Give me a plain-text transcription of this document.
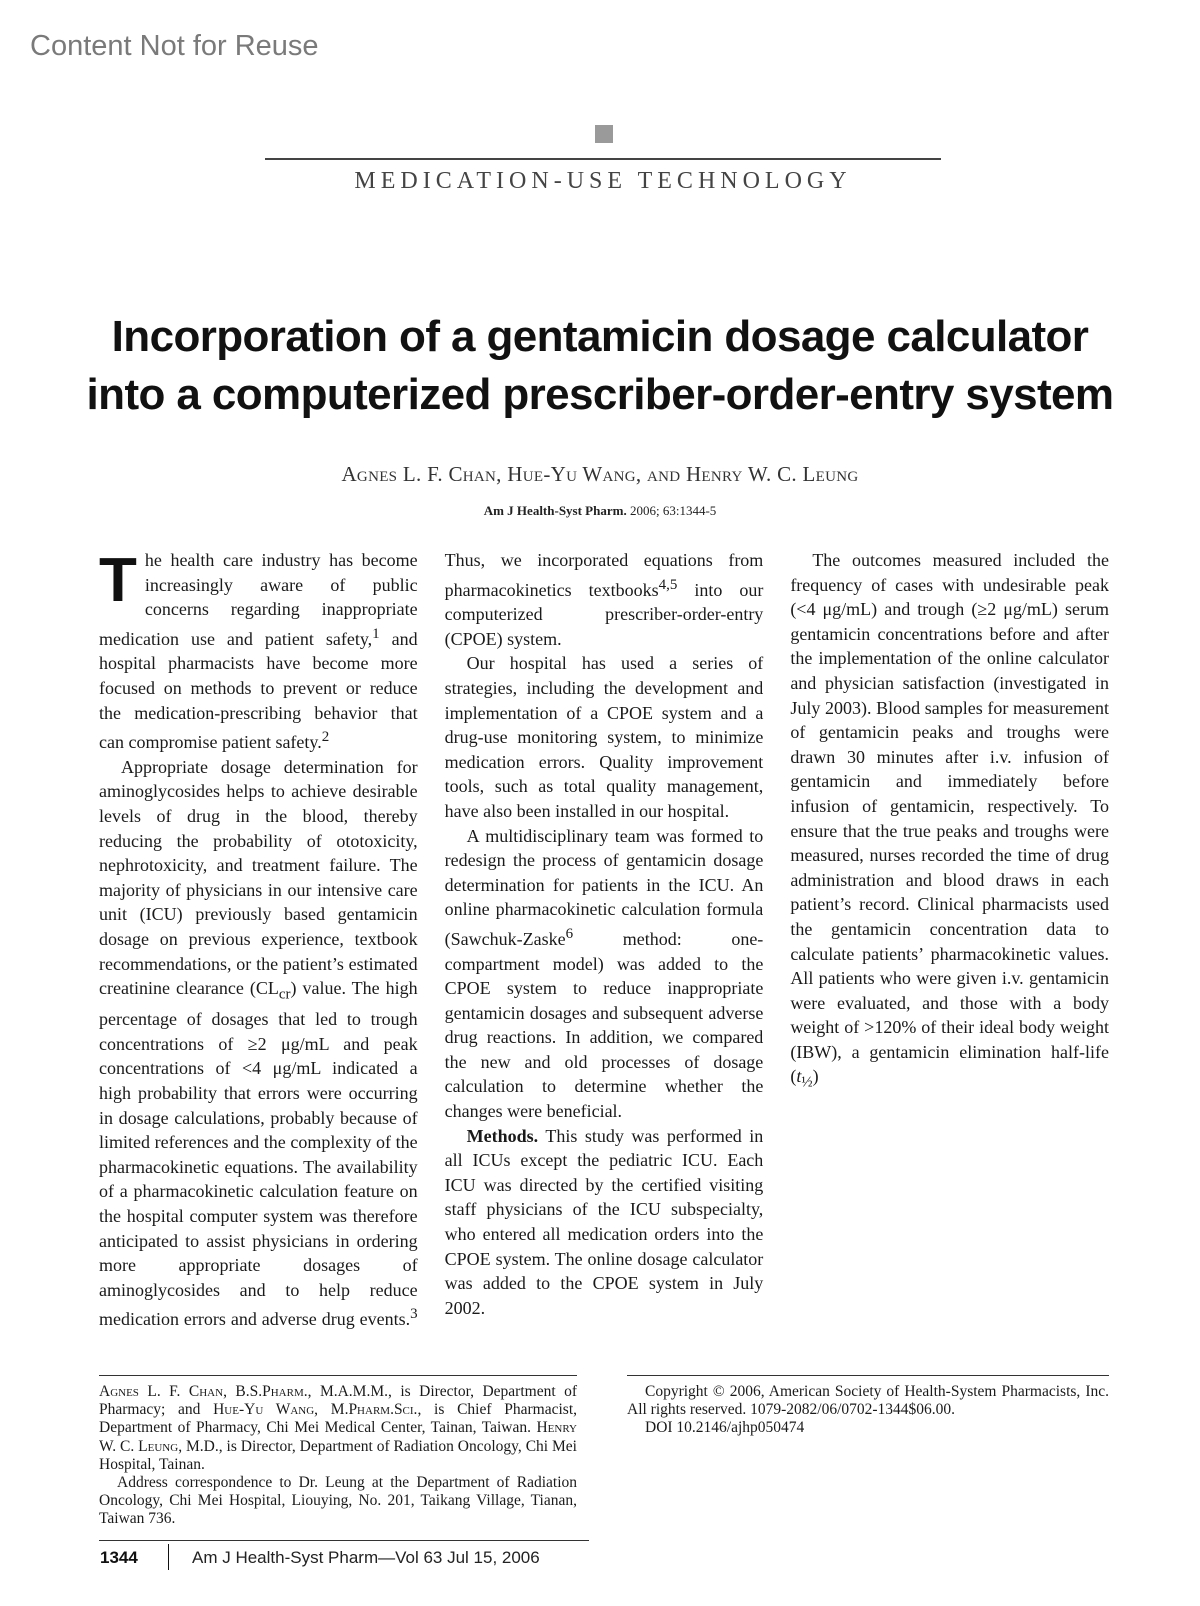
Content Not for Reuse
MEDICATION-USE TECHNOLOGY
Incorporation of a gentamicin dosage calculator
into a computerized prescriber-order-entry system
Agnes L. F. Chan, Hue-Yu Wang, and Henry W. C. Leung
Am J Health-Syst Pharm. 2006; 63:1344-5

The health care industry has become increasingly aware of public concerns regarding inappropriate medication use and patient safety,$^1$ and hospital pharmacists have become more focused on methods to prevent or reduce the medication-prescribing behavior that can compromise patient safety.$^2$

Appropriate dosage determination for aminoglycosides helps to achieve desirable levels of drug in the blood, thereby reducing the probability of ototoxicity, nephrotoxicity, and treatment failure. The majority of physicians in our intensive care unit (ICU) previously based gentamicin dosage on previous experience, textbook recommendations, or the patient’s estimated creatinine clearance $(CL_{cr})$ value. The high percentage of dosages that led to trough concentrations of ≥2 μg/mL and peak concentrations of <4 μg/mL indicated a high probability that errors were occurring in dosage calculations, probably because of limited references and the complexity of the pharmacokinetic equations. The availability of a pharmacokinetic calculation feature on the hospital computer system was therefore anticipated to assist physicians in ordering more appropriate dosages of aminoglycosides and to help reduce medication errors and adverse drug events.$^3$ Thus, we incorporated equations from pharmacokinetics textbooks$^{4,5}$ into our computerized prescriber-order-entry (CPOE) system.

Our hospital has used a series of strategies, including the development and implementation of a CPOE system and a drug-use monitoring system, to minimize medication errors. Quality improvement tools, such as total quality management, have also been installed in our hospital.

A multidisciplinary team was formed to redesign the process of gentamicin dosage determination for patients in the ICU. An online pharmacokinetic calculation formula (Sawchuk-Zaske$^6$ method: one-compartment model) was added to the CPOE system to reduce inappropriate gentamicin dosages and subsequent adverse drug reactions. In addition, we compared the new and old processes of dosage calculation to determine whether the changes were beneficial.

Methods. This study was performed in all ICUs except the pediatric ICU. Each ICU was directed by the certified visiting staff physicians of the ICU subspecialty, who entered all medication orders into the CPOE system. The online dosage calculator was added to the CPOE system in July 2002.

The outcomes measured included the frequency of cases with undesirable peak (<4 μg/mL) and trough (≥2 μg/mL) serum gentamicin concentrations before and after the implementation of the online calculator and physician satisfaction (investigated in July 2003). Blood samples for measurement of gentamicin peaks and troughs were drawn 30 minutes after i.v. infusion of gentamicin and immediately before infusion of gentamicin, respectively. To ensure that the true peaks and troughs were measured, nurses recorded the time of drug administration and blood draws in each patient’s record. Clinical pharmacists used the gentamicin concentration data to calculate patients’ pharmacokinetic values. All patients who were given i.v. gentamicin were evaluated, and those with a body weight of >120% of their ideal body weight (IBW), a gentamicin elimination half-life $(t_{\frac{1}{2}})$

Agnes L. F. Chan, B.S.Pharm., M.A.M.M., is Director, Department of Pharmacy; and Hue-Yu Wang, M.Pharm.Sci., is Chief Pharmacist, Department of Pharmacy, Chi Mei Medical Center, Tainan, Taiwan. Henry W. C. Leung, M.D., is Director, Department of Radiation Oncology, Chi Mei Hospital, Tainan.

Address correspondence to Dr. Leung at the Department of Radiation Oncology, Chi Mei Hospital, Liouying, No. 201, Taikang Village, Tianan, Taiwan 736.

Copyright © 2006, American Society of Health-System Pharmacists, Inc. All rights reserved. 1079-2082/06/0702-1344$06.00.

DOI 10.2146/ajhp050474

1344	Am J Health-Syst Pharm—Vol 63 Jul 15, 2006
